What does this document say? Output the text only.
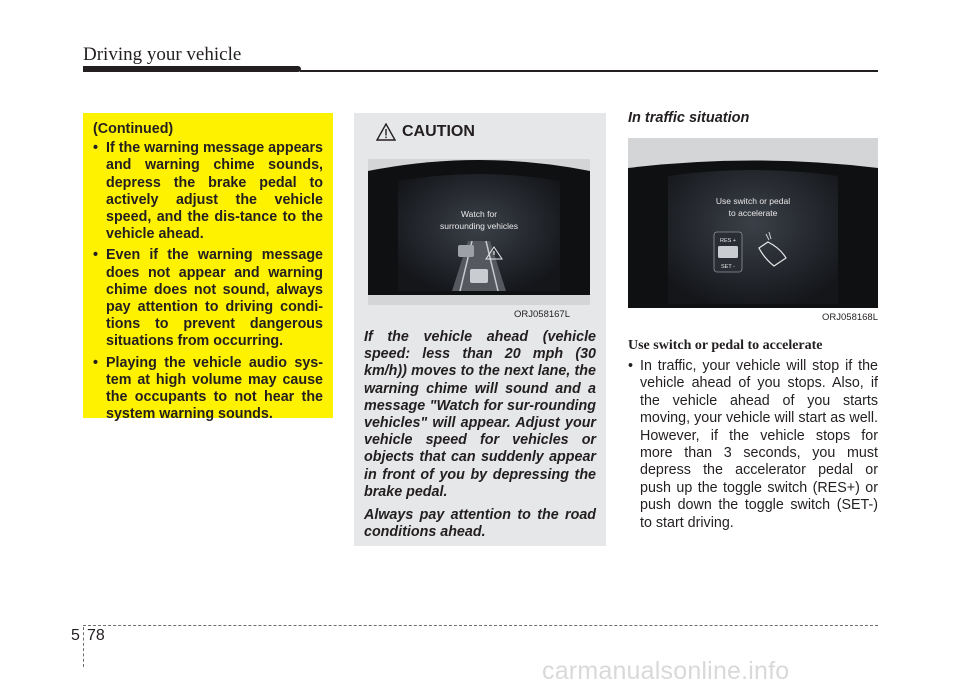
Driving your vehicle
(Continued)
• If the warning message appears and warning chime sounds, depress the brake pedal to actively adjust the vehicle speed, and the dis-tance to the vehicle ahead.
• Even if the warning message does not appear and warning chime does not sound, always pay attention to driving condi-tions to prevent dangerous situations from occurring.
• Playing the vehicle audio sys-tem at high volume may cause the occupants to not hear the system warning sounds.
CAUTION
Watch for
surrounding vehicles
ORJ058167L

If the vehicle ahead (vehicle speed: less than 20 mph (30 km/h)) moves to the next lane, the warning chime will sound and a message "Watch for sur-rounding vehicles" will appear. Adjust your vehicle speed for vehicles or objects that can suddenly appear in front of you by depressing the brake pedal.

Always pay attention to the road conditions ahead.

In traffic situation
Use switch or pedal
to accelerate
RES +
SET -
ORJ058168L
Use switch or pedal to accelerate
• In traffic, your vehicle will stop if the vehicle ahead of you stops. Also, if the vehicle ahead of you starts moving, your vehicle will start as well. However, if the vehicle stops for more than 3 seconds, you must depress the accelerator pedal or push up the toggle switch (RES+) or push down the toggle switch (SET-) to start driving.
5 78
carmanualsonline.info
